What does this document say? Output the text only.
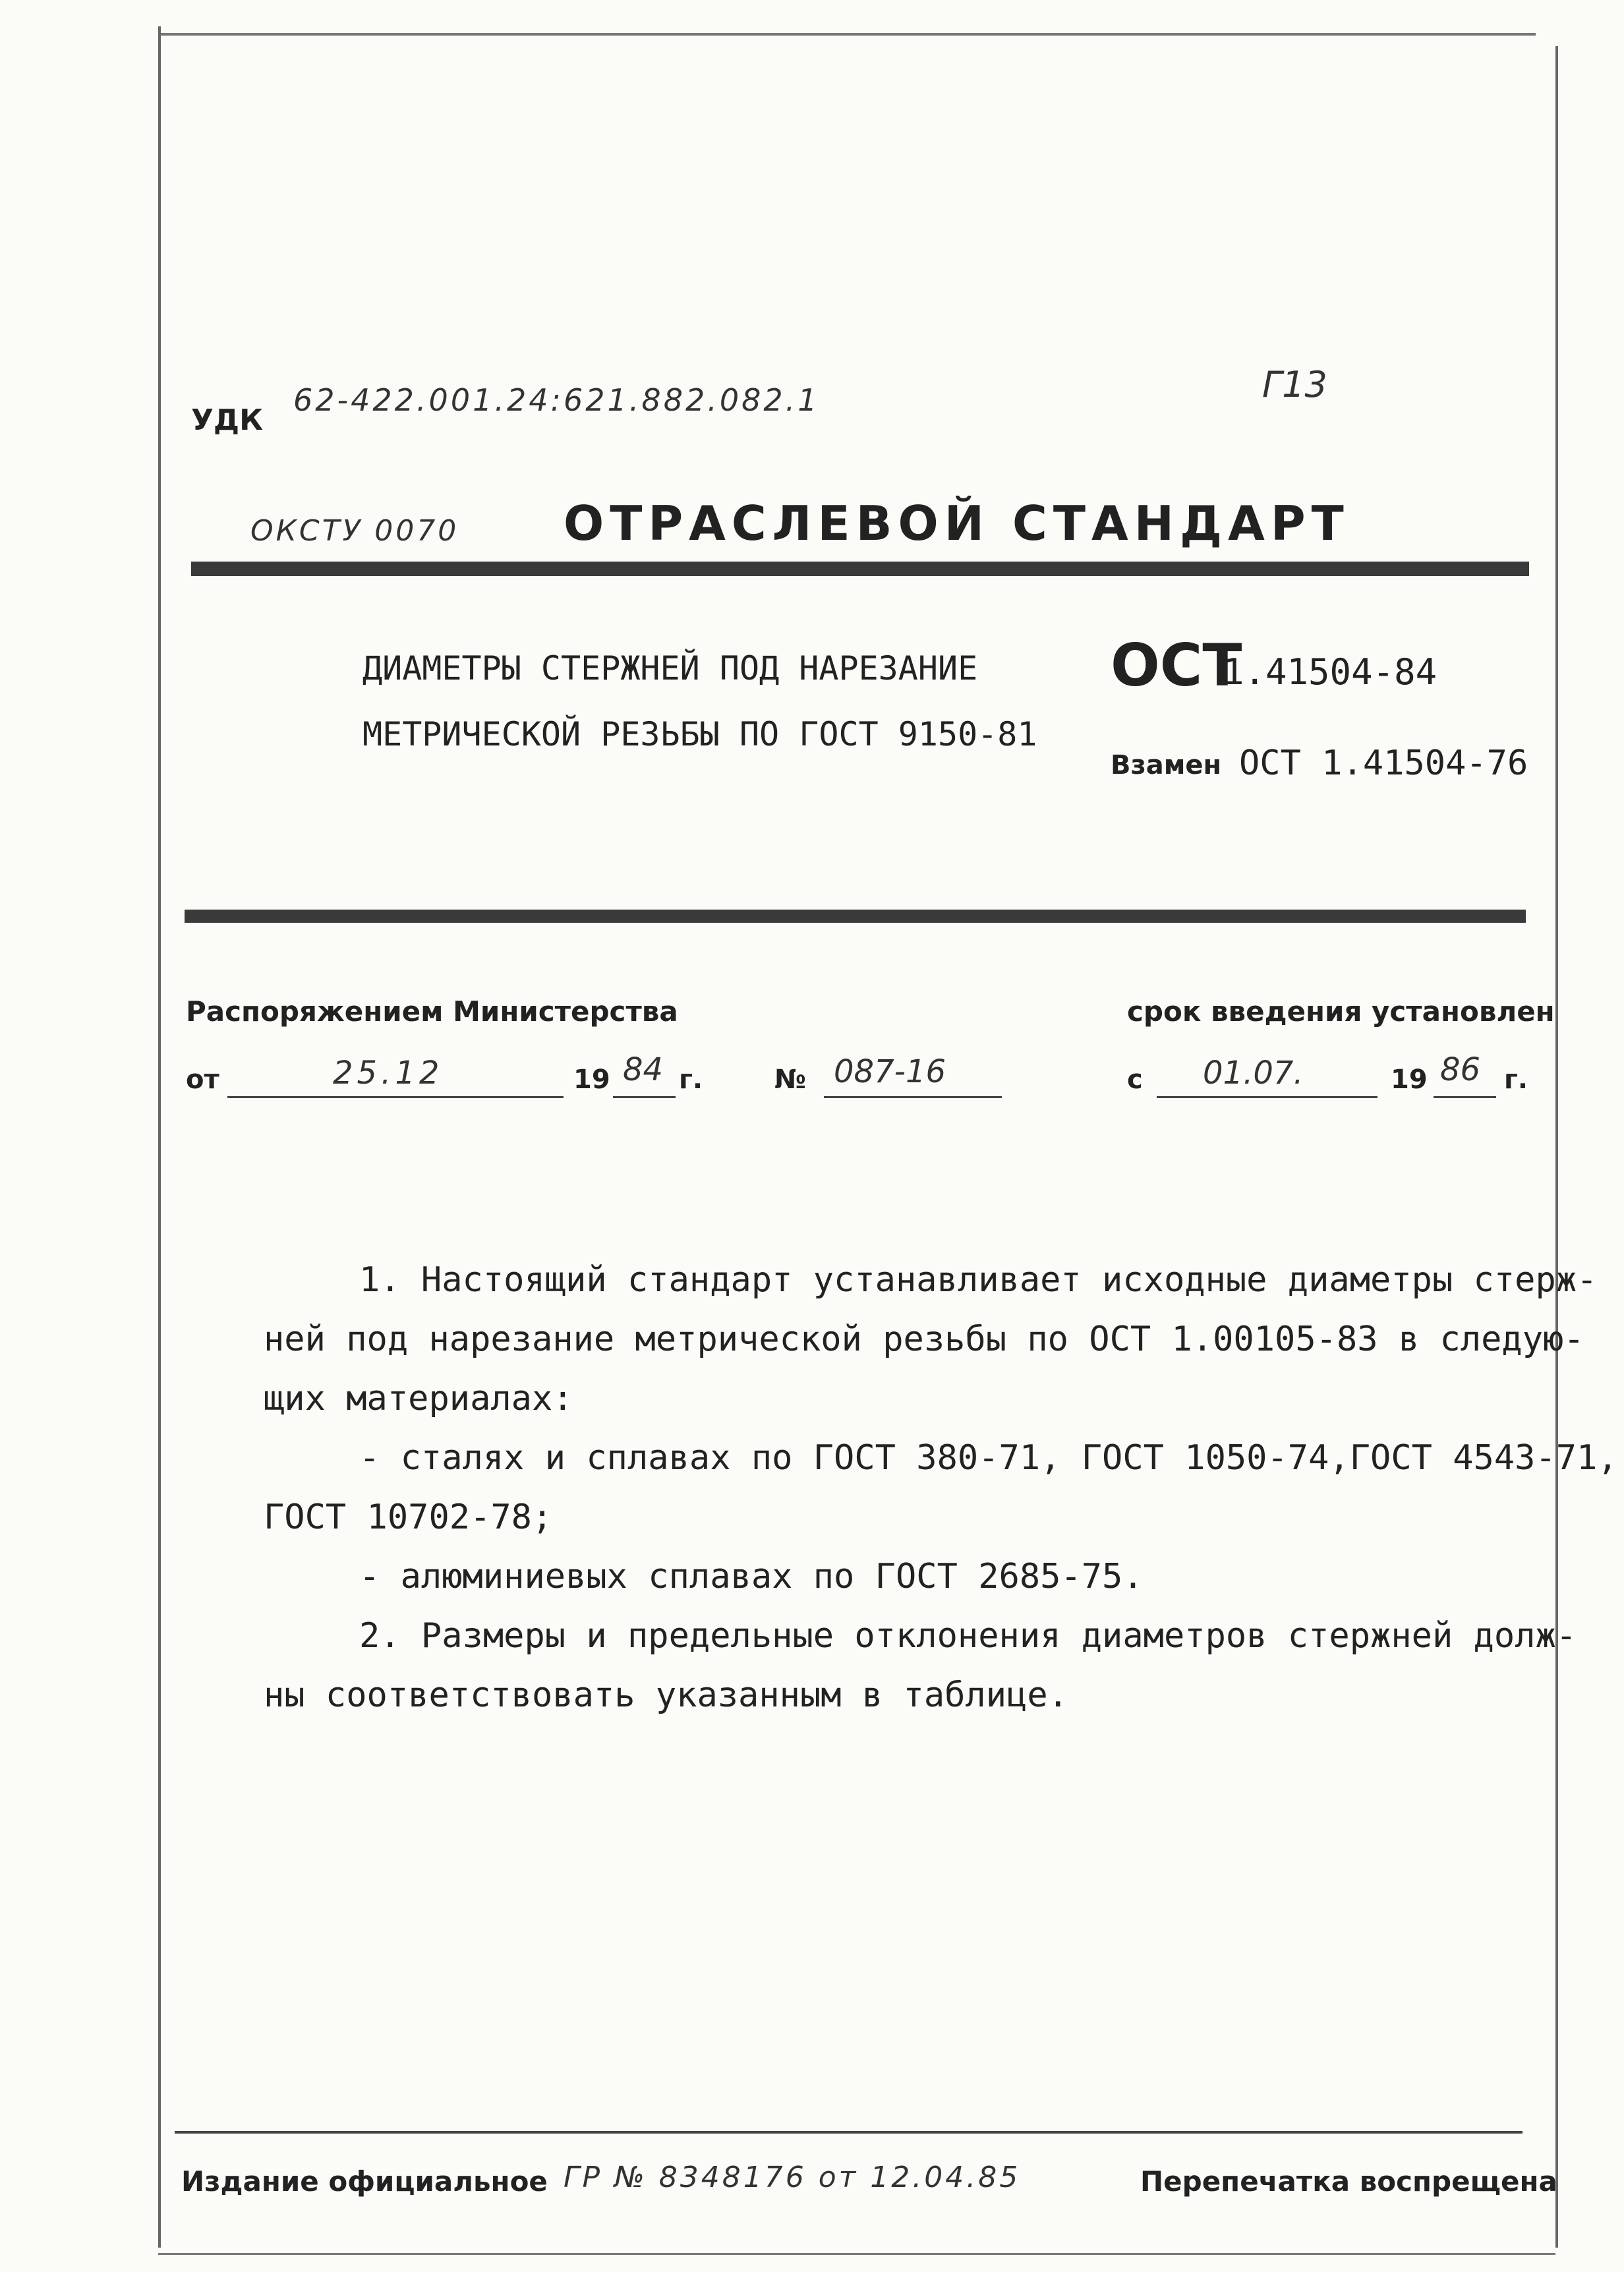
УДК
62-422.001.24:621.882.082.1	Г13
ОКСТУ 0070 ОТРАСЛЕВОЙ СТАНДАРТ
ДИАМЕТРЫ СТЕРЖНЕЙ ПОД НАРЕЗАНИЕ
МЕТРИЧЕСКОЙ РЕЗЬБЫ ПО ГОСТ 9150-81
ОСТ
1.41504-84
Взамен ОСТ 1.41504-76
Распоряжением Министерства
от	25.12	19 84 г.	№ 087-16
срок введения установлен
с 01.07.	19 86 г.
1. Настоящий стандарт устанавливает исходные диаметры стерж-
ней под нарезание метрической резьбы по ОСТ 1.00105-83 в следую-
щих материалах:
- сталях и сплавах по ГОСТ 380-71, ГОСТ 1050-74,ГОСТ 4543-71,
ГОСТ 10702-78;
- алюминиевых сплавах по ГОСТ 2685-75.
2. Размеры и предельные отклонения диаметров стержней долж-
ны соответствовать указанным в таблице.
Издание официальное ГР № 8348176 от 12.04.85	Перепечатка воспрещена
